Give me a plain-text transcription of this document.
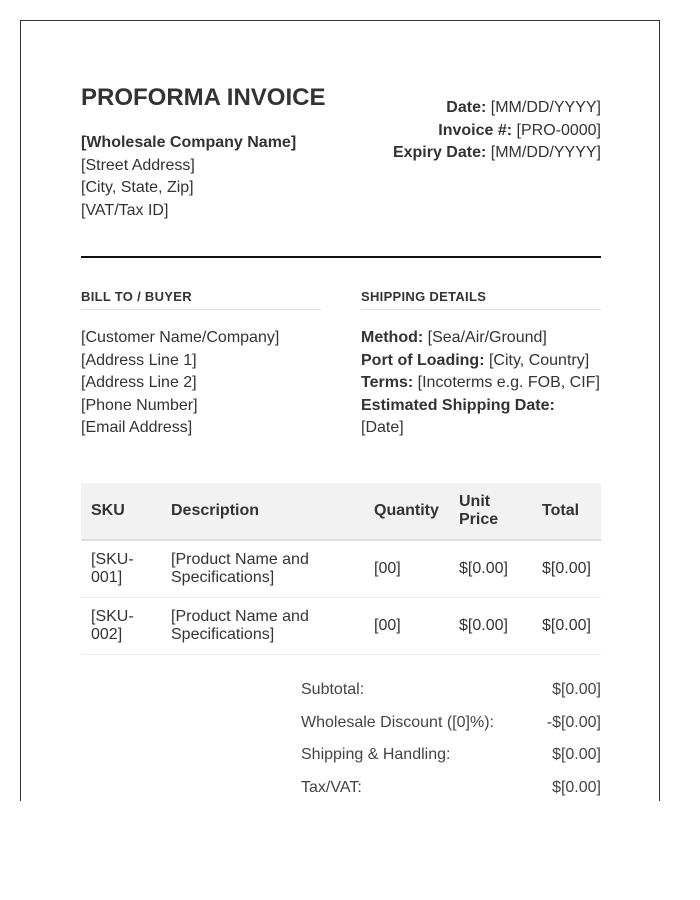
PROFORMA INVOICE
[Wholesale Company Name]
[Street Address]
[City, State, Zip]
[VAT/Tax ID]
Date: [MM/DD/YYYY]
Invoice #: [PRO-0000]
Expiry Date: [MM/DD/YYYY]
BILL TO / BUYER
[Customer Name/Company]
[Address Line 1]
[Address Line 2]
[Phone Number]
[Email Address]
SHIPPING DETAILS
Method: [Sea/Air/Ground]
Port of Loading: [City, Country]
Terms: [Incoterms e.g. FOB, CIF]
Estimated Shipping Date:
[Date]
SKU	Description	Quantity	Unit Price	Total
[SKU-001]	[Product Name and Specifications]	[00]	$[0.00]	$[0.00]
[SKU-002]	[Product Name and Specifications]	[00]	$[0.00]	$[0.00]
Subtotal:	$[0.00]
Wholesale Discount ([0]%):	-$[0.00]
Shipping & Handling:	$[0.00]
Tax/VAT:	$[0.00]
